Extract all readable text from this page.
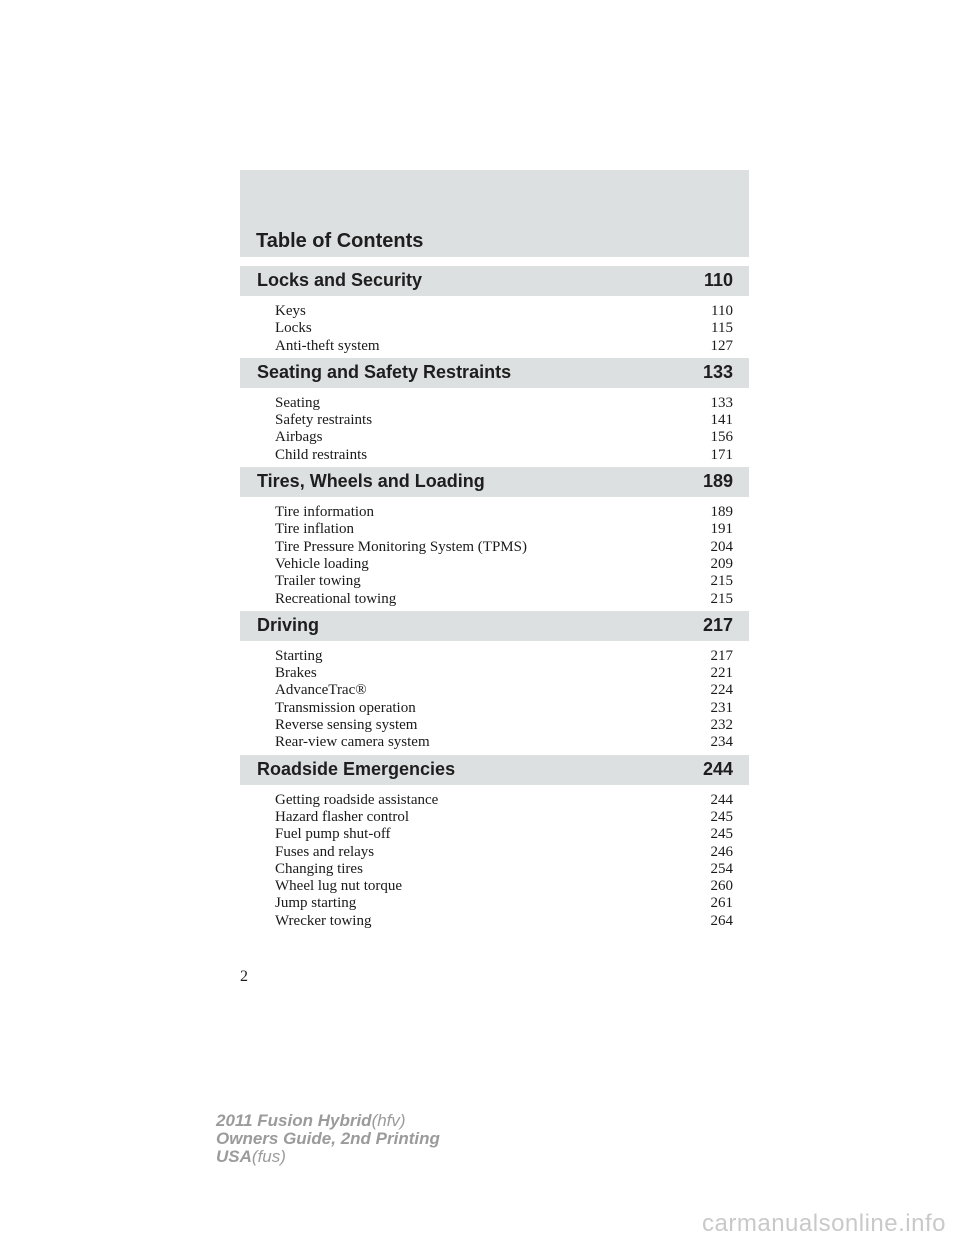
Table of Contents
Locks and Security	110
Keys	110
Locks	115
Anti-theft system	127
Seating and Safety Restraints	133
Seating	133
Safety restraints	141
Airbags	156
Child restraints	171
Tires, Wheels and Loading	189
Tire information	189
Tire inflation	191
Tire Pressure Monitoring System (TPMS)	204
Vehicle loading	209
Trailer towing	215
Recreational towing	215
Driving	217
Starting	217
Brakes	221
AdvanceTrac®	224
Transmission operation	231
Reverse sensing system	232
Rear-view camera system	234
Roadside Emergencies	244
Getting roadside assistance	244
Hazard flasher control	245
Fuel pump shut-off	245
Fuses and relays	246
Changing tires	254
Wheel lug nut torque	260
Jump starting	261
Wrecker towing	264
2
2011 Fusion Hybrid(hfv)
Owners Guide, 2nd Printing
USA(fus)
carmanualsonline.info
